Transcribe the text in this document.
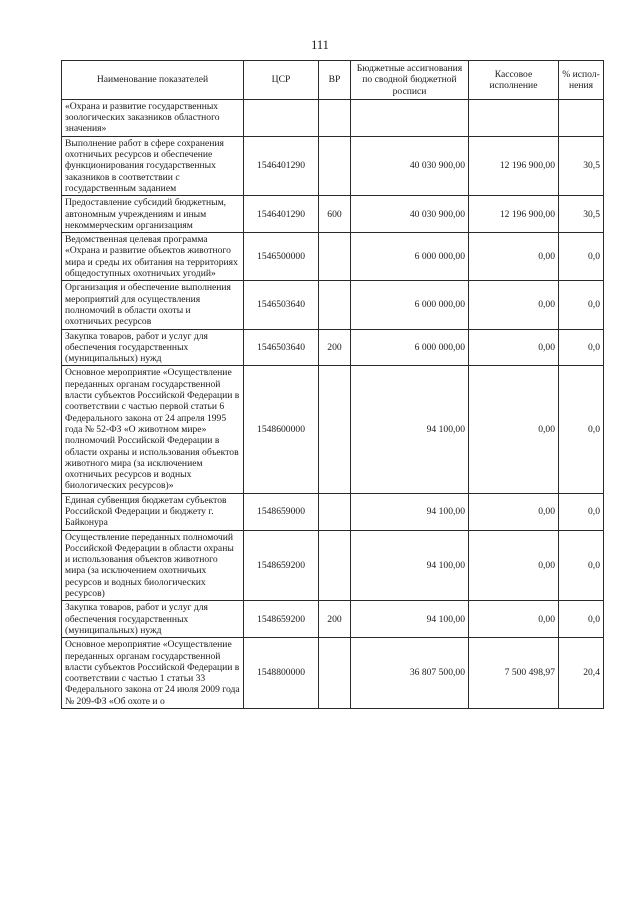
111
Наименование показателей	ЦСР	ВР	Бюджетные ассигнования по сводной бюджетной росписи	Кассовое исполнение	% испол-нения
«Охрана и развитие государственных зоологических заказников областного значения»					
Выполнение работ в сфере сохранения охотничьих ресурсов и обеспечение функционирования государственных заказников в соответствии с государственным заданием	1546401290		40 030 900,00	12 196 900,00	30,5
Предоставление субсидий бюджетным, автономным учреждениям и иным некоммерческим организациям	1546401290	600	40 030 900,00	12 196 900,00	30,5
Ведомственная целевая программа «Охрана и развитие объектов животного мира и среды их обитания на территориях общедоступных охотничьих угодий»	1546500000		6 000 000,00	0,00	0,0
Организация и обеспечение выполнения мероприятий для осуществления полномочий в области охоты и охотничьих ресурсов	1546503640		6 000 000,00	0,00	0,0
Закупка товаров, работ и услуг для обеспечения государственных (муниципальных) нужд	1546503640	200	6 000 000,00	0,00	0,0
Основное мероприятие «Осуществление переданных органам государственной власти субъектов Российской Федерации в соответствии с частью первой статьи 6 Федерального закона от 24 апреля 1995 года № 52-ФЗ «О животном мире» полномочий Российской Федерации в области охраны и использования объектов животного мира (за исключением охотничьих ресурсов и водных биологических ресурсов)»	1548600000		94 100,00	0,00	0,0
Единая субвенция бюджетам субъектов Российской Федерации и бюджету г. Байконура	1548659000		94 100,00	0,00	0,0
Осуществление переданных полномочий Российской Федерации в области охраны и использования объектов животного мира (за исключением охотничьих ресурсов и водных биологических ресурсов)	1548659200		94 100,00	0,00	0,0
Закупка товаров, работ и услуг для обеспечения государственных (муниципальных) нужд	1548659200	200	94 100,00	0,00	0,0
Основное мероприятие «Осуществление переданных органам государственной власти субъектов Российской Федерации в соответствии с частью 1 статьи 33 Федерального закона от 24 июля 2009 года № 209-ФЗ «Об охоте и о	1548800000		36 807 500,00	7 500 498,97	20,4
